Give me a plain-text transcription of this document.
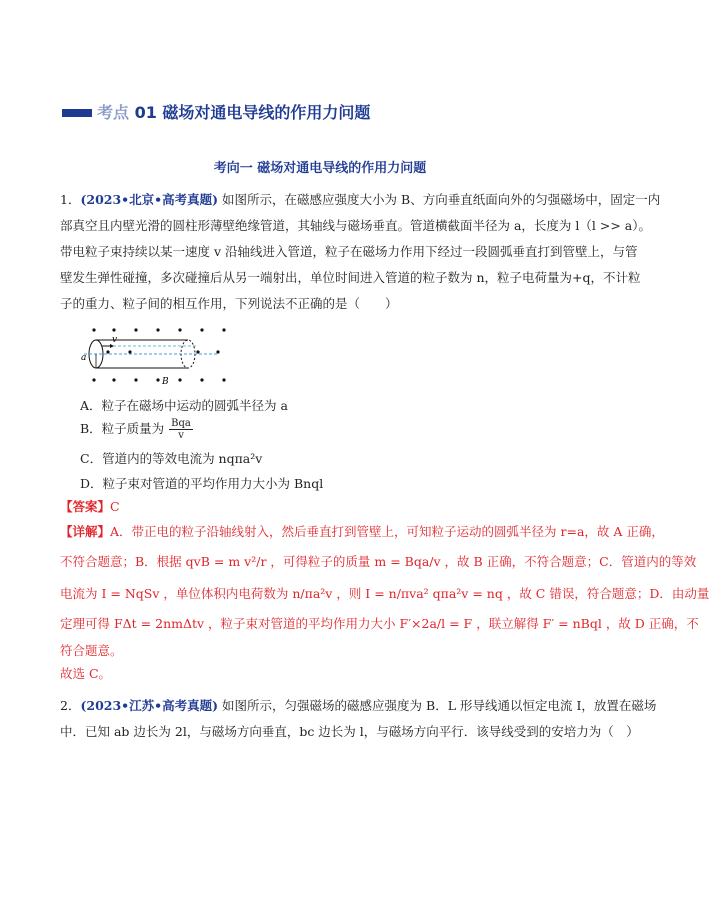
考点 01 磁场对通电导线的作用力问题
考向一 磁场对通电导线的作用力问题
1．(2023•北京•高考真题) 如图所示，在磁感应强度大小为 B、方向垂直纸面向外的匀强磁场中，固定一内
部真空且内壁光滑的圆柱形薄壁绝缘管道，其轴线与磁场垂直。管道横截面半径为 a，长度为 l（l >> a）。
带电粒子束持续以某一速度 v 沿轴线进入管道，粒子在磁场力作用下经过一段圆弧垂直打到管壁上，与管
壁发生弹性碰撞，多次碰撞后从另一端射出，单位时间进入管道的粒子数为 n，粒子电荷量为+q，不计粒
子的重力、粒子间的相互作用，下列说法不正确的是（　　）
v
a
B
A．粒子在磁场中运动的圆弧半径为 a
B．粒子质量为 $\frac{\text{Bqa}}{v}$
C．管道内的等效电流为 nqπa²v
D．粒子束对管道的平均作用力大小为 Bnql
【答案】C
【详解】A．带正电的粒子沿轴线射入，然后垂直打到管壁上，可知粒子运动的圆弧半径为 r=a，故 A 正确，
不符合题意；B．根据 qvB = m v²/r ，可得粒子的质量 m = Bqa/v ，故 B 正确，不符合题意；C．管道内的等效
电流为 I = NqSv ，单位体积内电荷数为 n/πa²v ，则 I = n/πva² qπa²v = nq ，故 C 错误，符合题意；D．由动量
定理可得 FΔt = 2nmΔtv ，粒子束对管道的平均作用力大小 F′×2a/l = F ，联立解得 F′ = nBql ，故 D 正确，不
符合题意。
故选 C。
2．(2023•江苏•高考真题) 如图所示，匀强磁场的磁感应强度为 B．L 形导线通以恒定电流 I，放置在磁场
中．已知 ab 边长为 2l，与磁场方向垂直，bc 边长为 l，与磁场方向平行．该导线受到的安培力为（　）
